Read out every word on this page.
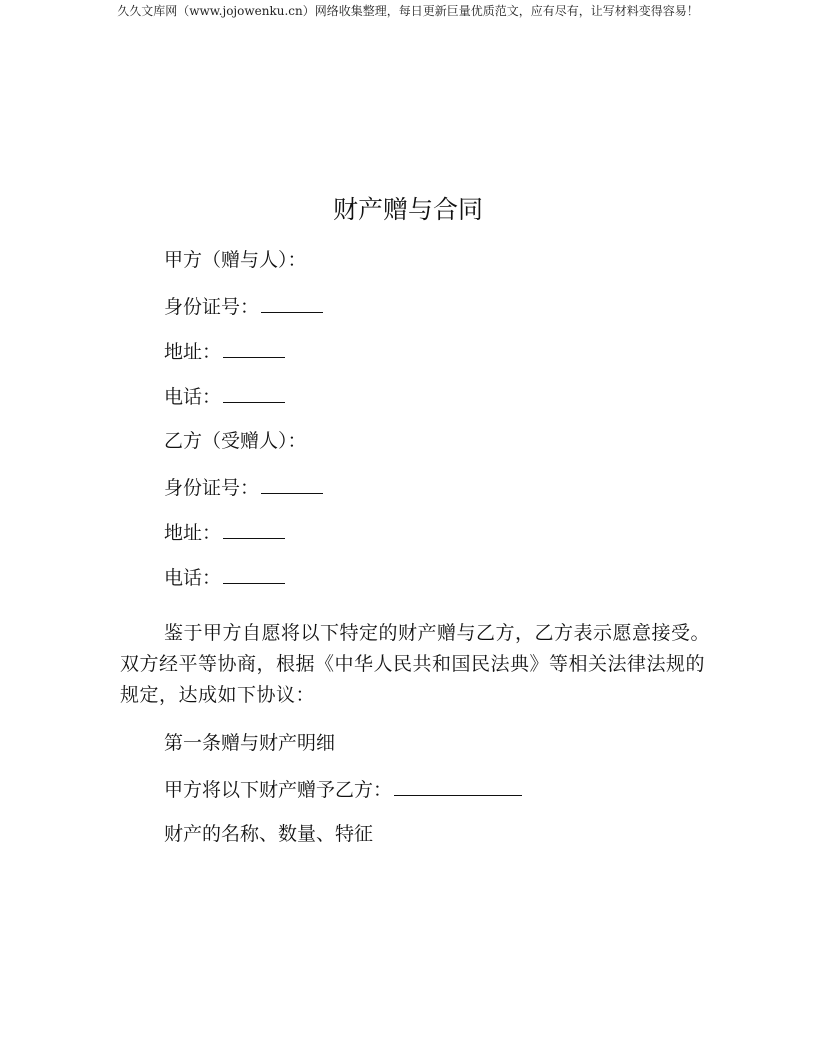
久久文库网（www.jojowenku.cn）网络收集整理，每日更新巨量优质范文，应有尽有，让写材料变得容易！
财产赠与合同
甲方（赠与人）：
身份证号：
地址：
电话：
乙方（受赠人）：
身份证号：
地址：
电话：
鉴于甲方自愿将以下特定的财产赠与乙方，乙方表示愿意接受。双方经平等协商，根据《中华人民共和国民法典》等相关法律法规的规定，达成如下协议：
第一条赠与财产明细
甲方将以下财产赠予乙方：
财产的名称、数量、特征
